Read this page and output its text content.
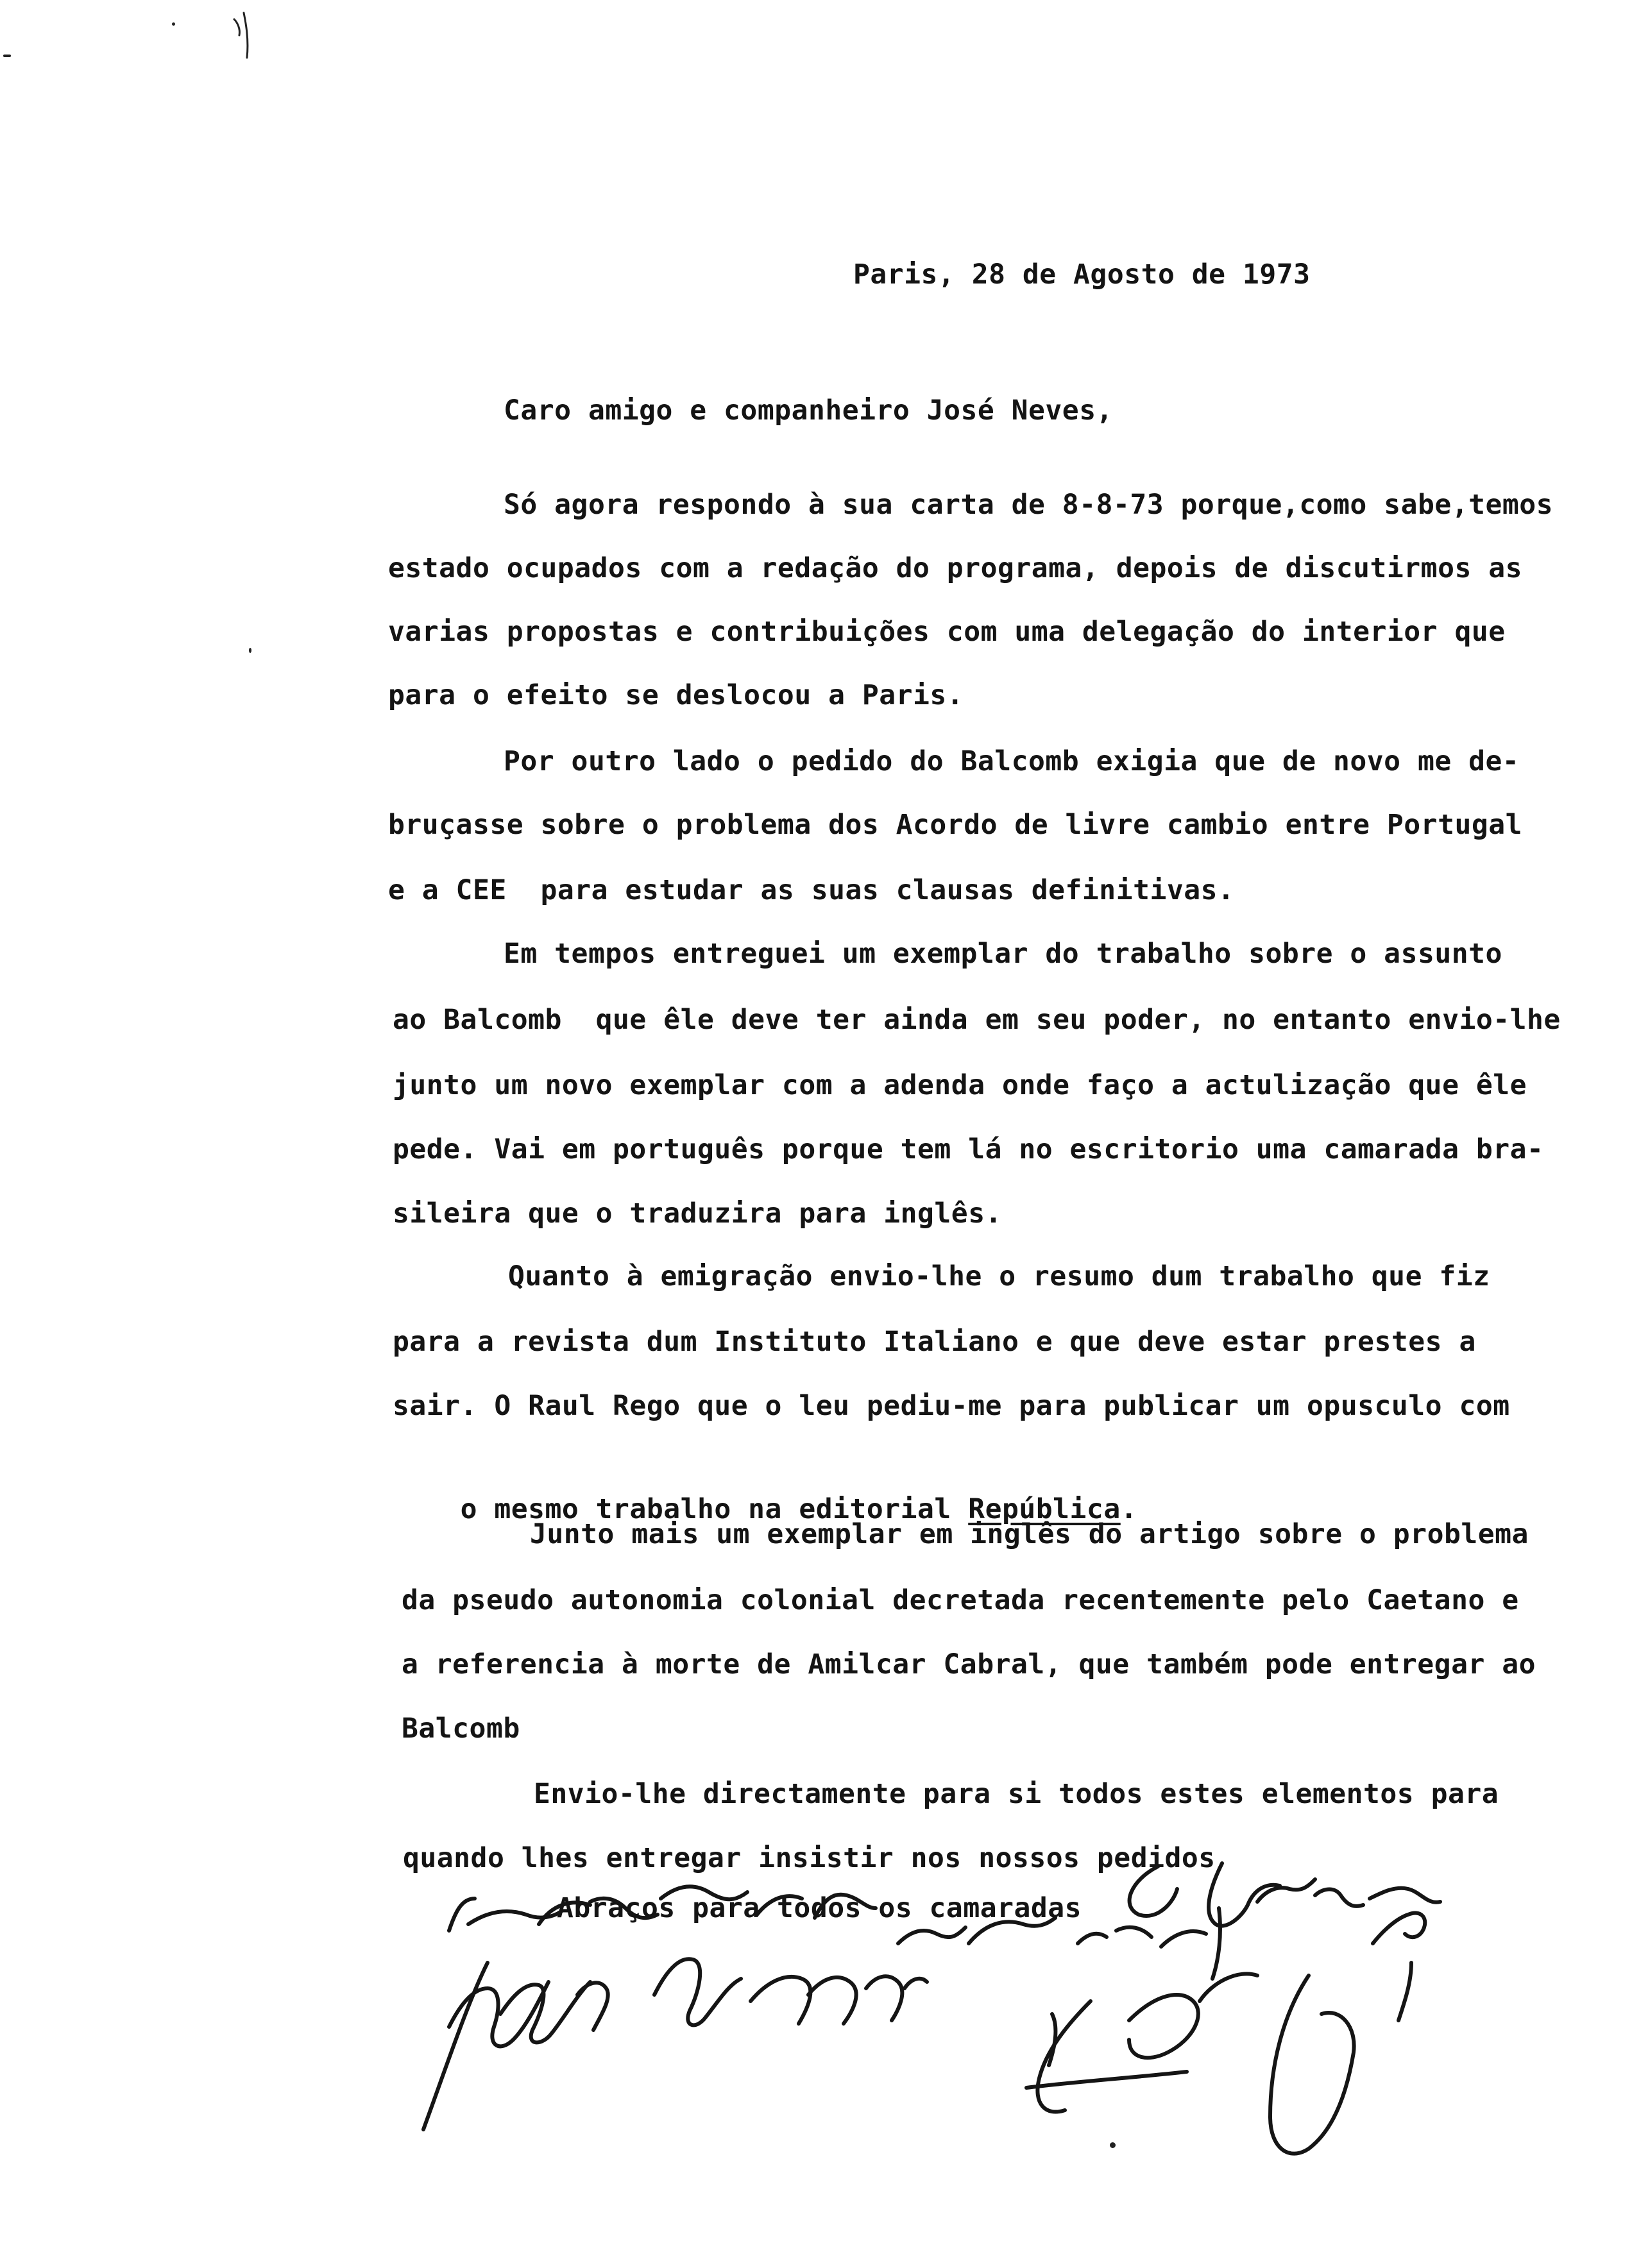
Paris, 28 de Agosto de 1973
Caro amigo e companheiro José Neves,
Só agora respondo à sua carta de 8-8-73 porque,como sabe,temos
estado ocupados com a redação do programa, depois de discutirmos as
varias propostas e contribuições com uma delegação do interior que
para o efeito se deslocou a Paris.
Por outro lado o pedido do Balcomb exigia que de novo me de-
bruçasse sobre o problema dos Acordo de livre cambio entre Portugal
e a CEE  para estudar as suas clausas definitivas.
Em tempos entreguei um exemplar do trabalho sobre o assunto
ao Balcomb  que êle deve ter ainda em seu poder, no entanto envio-lhe
junto um novo exemplar com a adenda onde faço a actulização que êle
pede. Vai em português porque tem lá no escritorio uma camarada bra-
sileira que o traduzira para inglês.
Quanto à emigração envio-lhe o resumo dum trabalho que fiz
para a revista dum Instituto Italiano e que deve estar prestes a
sair. O Raul Rego que o leu pediu-me para publicar um opusculo com

o mesmo trabalho na editorial República.

Junto mais um exemplar em inglês do artigo sobre o problema
da pseudo autonomia colonial decretada recentemente pelo Caetano e
a referencia à morte de Amilcar Cabral, que também pode entregar ao
Balcomb
Envio-lhe directamente para si todos estes elementos para
quando lhes entregar insistir nos nossos pedidos
Abraços para todos os camaradas
